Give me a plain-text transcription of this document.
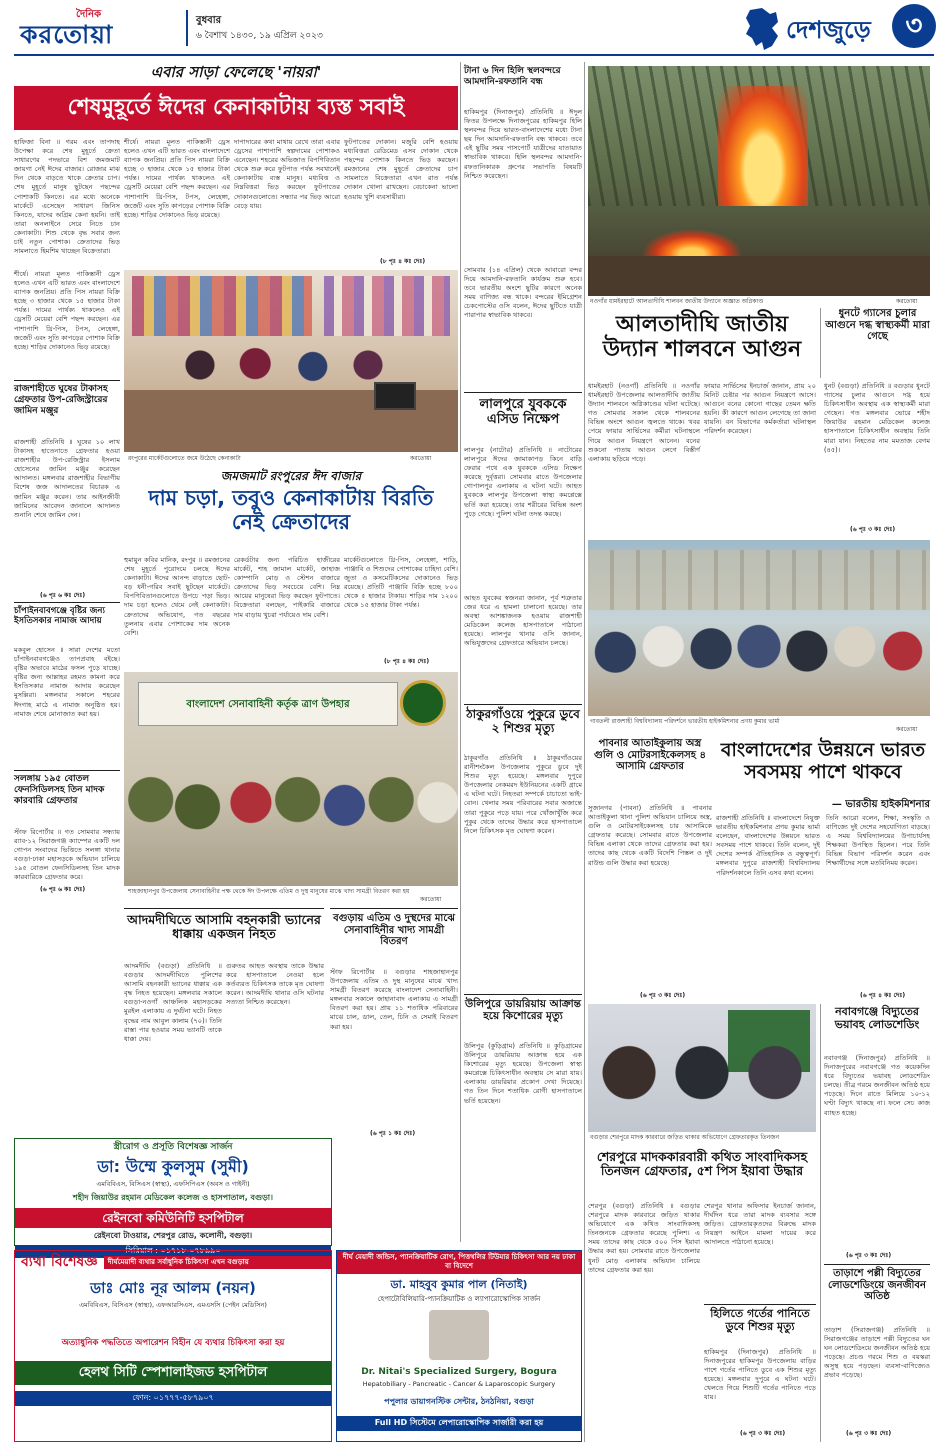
দৈনিক
করতোয়া	বুধবার
৬ বৈশাখ ১৪৩০, ১৯ এপ্রিল ২০২৩	দেশজুড়ে	৩
এবার সাড়া ফেলেছে 'নায়রা'
শেষমুহূর্তে ঈদের কেনাকাটায় ব্যস্ত সবাই
হাফিজা বিনা ॥ গরম এবং তাপদাহ উপেক্ষা করে শেষ মুহূর্তে ক্রেতা সাধারণের পদভারে বিশ জমজমাট জায়গা নেই ঈদের বাজার। রোজার মাঝ দিন থেকে বাড়তে থাকে ক্রেতার চাপ। শেষ মুহূর্তে মানুষ ছুটছেন পছন্দের পোশাকটি কিনতে। এর মধ্যে অনেকে মার্কেটে এসেছেন সাধারণ জিনিস কিনতে, যাদের অগ্রিম কেনা হয়নি। তাই তারা অনলাইনে সেরে নিতে চান কেনাকাটা। শিশু থেকে বৃদ্ধ সবার জন্য চাই নতুন পোশাক। ক্রেতাদের ভিড় সামলাতে হিমশিম খাচ্ছেন বিক্রেতারা।
শীর্ষে। নায়রা মূলত পাকিস্তানী ড্রেস হলেও এখন এটি ভারত এবং বাংলাদেশে ব্যাপক জনপ্রিয়। প্রতি পিস নায়রা বিক্রি হচ্ছে ৩ হাজার থেকে ১৫ হাজার টাকা পর্যন্ত। দামের পার্থক্য থাকলেও এই ড্রেসটি মেয়েরা বেশি পছন্দ করছেন। এর পাশাপাশি থ্রি-পিস, টপস, লেহেঙ্গা, জর্জেট এবং সুতি কাপড়ের পোশাক বিক্রি হচ্ছে। শাড়ির দোকানেও ভিড় রয়েছে।
দাপাদারের কথা মাথায় রেখে তারা এবার ড্রেসের পাশাপাশি স্বল্পদামের পোশাকও এনেছেন। শহরের অভিজাত বিপণিবিতান থেকে শুরু করে ফুটপাত পর্যন্ত সবখানেই কেনাকাটায় ব্যস্ত মানুষ। মধ্যবিত্ত ও নিম্নবিত্তরা ভিড় করছেন ফুটপাতের দোকানগুলোতে। সন্ধ্যার পর ভিড় আরো বেড়ে যায়।
ফুটপাতের দোকান। মজুরি বেশি হওয়ায় মধ্যবিত্তরা রেডিমেড এসব দোকান থেকে পছন্দের পোশাক কিনতে ভিড় করছেন। রমজানের শেষ মুহূর্তে ক্রেতাদের চাপ সামলাতে বিক্রেতারা এখন রাত পর্যন্ত দোকান খোলা রাখছেন। বেচাকেনা ভালো হওয়ায় খুশি ব্যবসায়ীরা।
(৮ পৃঃ ৪ কঃ দেঃ)
শীর্ষে। নায়রা মূলত পাকিস্তানী ড্রেস হলেও এখন এটি ভারত এবং বাংলাদেশে ব্যাপক জনপ্রিয়। প্রতি পিস নায়রা বিক্রি হচ্ছে ৩ হাজার থেকে ১৫ হাজার টাকা পর্যন্ত। দামের পার্থক্য থাকলেও এই ড্রেসটি মেয়েরা বেশি পছন্দ করছেন। এর পাশাপাশি থ্রি-পিস, টপস, লেহেঙ্গা, জর্জেট এবং সুতি কাপড়ের পোশাক বিক্রি হচ্ছে। শাড়ির দোকানেও ভিড় রয়েছে।
রংপুরের মার্কেটগুলোতে জমে উঠেছে কেনাকাটা	করতোয়া
রাজশাহীতে ঘুষের টাকাসহ গ্রেফতার উপ-রেজিস্ট্রারের জামিন মঞ্জুর
রাজশাহী প্রতিনিধি ॥ ঘুষের ১০ লাখ টাকাসহ হাতেনাতে গ্রেফতার হওয়া রাজশাহীর উপ-রেজিস্ট্রার ইসলাম হোসেনের জামিন মঞ্জুর করেছেন আদালত। মঙ্গলবার রাজশাহীর বিভাগীয় বিশেষ জজ আদালতের বিচারক এ জামিন মঞ্জুর করেন। তার আইনজীবী জামিনের আবেদন জানালে আদালত শুনানি শেষে জামিন দেন।
(৬ পৃঃ ৬ কঃ দেঃ)
চাঁপাইনবাবগঞ্জে বৃষ্টির জন্য ইসতিসকার নামাজ আদায়
মকবুল হোসেন ॥ সারা দেশের মতো চাঁপাইনবাবগঞ্জেও তাপপ্রবাহ বইছে। বৃষ্টির অভাবে মাঠের ফসল পুড়ে যাচ্ছে। বৃষ্টির জন্য আল্লাহর রহমত কামনা করে ইসতিসকার নামাজ আদায় করেছেন মুসল্লিরা। মঙ্গলবার সকালে শহরের ঈদগাহ মাঠে এ নামাজ অনুষ্ঠিত হয়। নামাজ শেষে মোনাজাত করা হয়।
সলঙ্গায় ১৯৫ বোতল ফেনসিডিলসহ তিন মাদক কারবারি গ্রেফতার
স্টাফ রিপোর্টার ॥ গত সোমবার সন্ধ্যায় র‌্যাব-১২ সিরাজগঞ্জ ক্যাম্পের একটি দল গোপন সংবাদের ভিত্তিতে সলঙ্গা থানার বগুড়া-ঢাকা মহাসড়কে অভিযান চালিয়ে ১৯৫ বোতল ফেনসিডিলসহ তিন মাদক কারবারিকে গ্রেফতার করে।
(৬ পৃঃ ৬ কঃ দেঃ)
জমজমাট রংপুরের ঈদ বাজার
দাম চড়া, তবুও কেনাকাটায় বিরতি নেই ক্রেতাদের
হুমায়ুন কবির মানিক, রংপুর ॥ রমজানের শেষ মুহূর্তে পুরোদমে চলছে ঈদের কেনাকাটা। ঈদের আনন্দ বাড়াতে ছোট-বড় ধনী-গরিব সবাই ছুটছেন মার্কেটে। বিপণিবিতানগুলোতে উপচে পড়া ভিড়। দাম চড়া হলেও থেমে নেই কেনাকাটা। ক্রেতাদের অভিযোগ, গত বছরের তুলনায় এবার পোশাকের দাম অনেক বেশি।
রেকর্ডটার জন্য পরিচিত হাজীরের মার্কেট, শাহ জামাল মার্কেট, জাহাজ কোম্পানি মোড় ও স্টেশন বাজারে ক্রেতাদের ভিড় সবচেয়ে বেশি। নিম্ন আয়ের মানুষেরা ভিড় করছেন ফুটপাতে। বিক্রেতারা বলছেন, পাইকারি বাজারে দাম বাড়ায় খুচরা পর্যায়েও দাম বেশি।
মার্কেটগুলোতে থ্রি-পিস, লেহেঙ্গা, শাড়ি, পাঞ্জাবি ও শিশুদের পোশাকের চাহিদা বেশি। জুতা ও কসমেটিকসের দোকানেও ভিড় রয়েছে। প্রতিটি পাঞ্জাবি বিক্রি হচ্ছে ৮০০ থেকে ৫ হাজার টাকায়। শাড়ির দাম ১২০০ থেকে ১৫ হাজার টাকা পর্যন্ত।
(৮ পৃঃ ৪ কঃ দেঃ)
বাংলাদেশ সেনাবাহিনী কর্তৃক ত্রাণ উপহার
শাহজাহানপুর উপজেলায় সেনাবাহিনীর পক্ষ থেকে ঈদ উপলক্ষে এতিম ও দুস্থ মানুষের মাঝে খাদ্য সামগ্রী বিতরণ করা হয়
করতোয়া
আদমদীঘিতে আসামি বহনকারী ভ্যানের ধাক্কায় একজন নিহত
আদমদীঘি (বগুড়া) প্রতিনিধি ॥ বগুড়ার আদমদীঘিতে পুলিশের আসামি বহনকারী ভ্যানের ধাক্কায় এক বৃদ্ধ নিহত হয়েছেন। মঙ্গলবার সকালে বগুড়া-নওগাঁ আঞ্চলিক মহাসড়কের মুরইল এলাকায় এ দুর্ঘটনা ঘটে। নিহত বৃদ্ধের নাম আবুল কালাম (৭০)। তিনি রাস্তা পার হওয়ার সময় ভ্যানটি তাকে ধাক্কা দেয়।
গুরুতর আহত অবস্থায় তাকে উদ্ধার করে হাসপাতালে নেওয়া হলে কর্তব্যরত চিকিৎসক তাকে মৃত ঘোষণা করেন। আদমদীঘি থানার ওসি ঘটনার সত্যতা নিশ্চিত করেছেন।
বগুড়ায় এতিম ও দুস্থদের মাঝে সেনাবাহিনীর খাদ্য সামগ্রী বিতরণ
স্টাফ রিপোর্টার ॥ বগুড়ার শাহজাহানপুর উপজেলায় এতিম ও দুস্থ মানুষের মাঝে খাদ্য সামগ্রী বিতরণ করেছে বাংলাদেশ সেনাবাহিনী। মঙ্গলবার সকালে জাহানাবাদ এলাকায় এ সামগ্রী বিতরণ করা হয়। প্রায় ১১ শতাধিক পরিবারের মাঝে চাল, ডাল, তেল, চিনি ও সেমাই বিতরণ করা হয়।
(৬ পৃঃ ১ কঃ দেঃ)
স্ত্রীরোগ ও প্রসূতি বিশেষজ্ঞ সার্জন
ডা: উম্মে কুলসুম (সুমী)
এমবিবিএস, বিসিএস (স্বাস্থ্য), এফসিপিএস (অবস ও গাইনী)
শহীদ জিয়াউর রহমান মেডিকেল কলেজ ও হাসপাতাল, বগুড়া।
রেইনবো কমিউনিটি হসপিটাল
রেইনবো টাওয়ার, শেরপুর রোড, কলোনী, বগুড়া।
সিরিয়াল : ০১৭১৮-০৭৮৯৯০
ব্যথা বিশেষজ্ঞ	দীর্ঘমেয়াদী ব্যথার সর্বাধুনিক চিকিৎসা এখন বগুড়ায়
ডাঃ মোঃ নূর আলম (নয়ন)
এমবিবিএস, বিসিএস (স্বাস্থ্য), এফআরসিএস, এমএসসি (পেইন মেডিসিন)
অত্যাধুনিক পদ্ধতিতে অপারেশন বিহীন যে ব্যথার চিকিৎসা করা হয়
হেলথ সিটি স্পেশালাইজড হসপিটাল
ফোন: ০১৭৭৭-৫৮৭৯০৭
দীর্ঘ মেয়াদী জন্ডিস, প্যানক্রিয়াটিক রোগ, পিত্তথলির টিউমার চিকিৎসা আর নয় ঢাকা বা বিদেশে
ডা. মাহবুব কুমার পাল (নিতাই)
হেপাটোবিলিয়ারি-প্যানক্রিয়াটিক ও ল্যাপারোস্কোপিক সার্জন
Dr. Nitai's Specialized Surgery, Bogura
Hepatobiliary - Pancreatic - Cancer & Laparoscopic Surgery
পপুলার ডায়াগনস্টিক সেন্টার, ঠনঠনিয়া, বগুড়া
Full HD সিস্টেমে লেপারোস্কোপিক সার্জারী করা হয়
টানা ৬ দিন হিলি স্থলবন্দরে আমদানি-রফতানি বন্ধ
হাকিমপুর (দিনাজপুর) প্রতিনিধি ॥ ঈদুল ফিতর উপলক্ষে দিনাজপুরের হাকিমপুর হিলি স্থলবন্দর দিয়ে ভারত-বাংলাদেশের মধ্যে টানা ছয় দিন আমদানি-রফতানি বন্ধ থাকবে। তবে এই ছুটির সময় পাসপোর্ট যাত্রীদের যাতায়াত স্বাভাবিক থাকবে। হিলি স্থলবন্দর আমদানি-রফতানিকারক গ্রুপের সভাপতি বিষয়টি নিশ্চিত করেছেন।
সোমবার (১৪ এপ্রিল) থেকে আবারো বন্দর দিয়ে আমদানি-রফতানি কার্যক্রম শুরু হবে। তবে ভারতীয় অংশে ছুটির কারণে অনেক সময় বাণিজ্য বন্ধ থাকে। বন্দরের ইমিগ্রেশন চেকপোস্টের ওসি বলেন, ঈদের ছুটিতে যাত্রী পারাপার স্বাভাবিক থাকবে।
লালপুরে যুবককে এসিড নিক্ষেপ
লালপুর (নাটোর) প্রতিনিধি ॥ নাটোরের লালপুরে ঈদের জামাকাপড় কিনে বাড়ি ফেরার পথে এক যুবককে এসিড নিক্ষেপ করেছে দুর্বৃত্তরা। সোমবার রাতে উপজেলার গোপালপুর এলাকায় এ ঘটনা ঘটে। আহত যুবককে লালপুর উপজেলা স্বাস্থ্য কমপ্লেক্সে ভর্তি করা হয়েছে। তার শরীরের বিভিন্ন অংশ পুড়ে গেছে। পুলিশ ঘটনা তদন্ত করছে।
আহত যুবকের স্বজনরা জানান, পূর্ব শত্রুতার জের ধরে এ হামলা চালানো হয়েছে। তার অবস্থা আশঙ্কাজনক হওয়ায় রাজশাহী মেডিকেল কলেজ হাসপাতালে পাঠানো হয়েছে। লালপুর থানার ওসি জানান, অভিযুক্তদের গ্রেফতারে অভিযান চলছে।
ঠাকুরগাঁওয়ে পুকুরে ডুবে ২ শিশুর মৃত্যু
ঠাকুরগাঁও প্রতিনিধি ॥ ঠাকুরগাঁওয়ের রানীশংকৈল উপজেলায় পুকুরে ডুবে দুই শিশুর মৃত্যু হয়েছে। মঙ্গলবার দুপুরে উপজেলার নেকমরদ ইউনিয়নের একটি গ্রামে এ ঘটনা ঘটে। নিহতরা সম্পর্কে চাচাতো ভাই-বোন। খেলার সময় পরিবারের সবার অজান্তে তারা পুকুরে পড়ে যায়। পরে খোঁজাখুঁজি করে পুকুর থেকে তাদের উদ্ধার করে হাসপাতালে নিলে চিকিৎসক মৃত ঘোষণা করেন।
উলিপুরে ডায়রিয়ায় আক্রান্ত হয়ে কিশোরের মৃত্যু
উলিপুর (কুড়িগ্রাম) প্রতিনিধি ॥ কুড়িগ্রামের উলিপুরে ডায়রিয়ায় আক্রান্ত হয়ে এক কিশোরের মৃত্যু হয়েছে। উপজেলা স্বাস্থ্য কমপ্লেক্সে চিকিৎসাধীন অবস্থায় সে মারা যায়। এলাকায় ডায়রিয়ার প্রকোপ দেখা দিয়েছে। গত তিন দিনে শতাধিক রোগী হাসপাতালে ভর্তি হয়েছেন।
নওগাঁর ধামইরহাটে আলতাদীঘি শালবন জাতীয় উদ্যানে অজ্ঞাত অগ্নিকাণ্ড	করতোয়া
আলতাদীঘি জাতীয় উদ্যান শালবনে আগুন
ধুনটে গ্যাসের চুলার আগুনে দগ্ধ স্বাস্থ্যকর্মী মারা গেছে
ধামইরহাট (নওগাঁ) প্রতিনিধি ॥ নওগাঁর ধামইরহাট উপজেলার আলতাদীঘি জাতীয় উদ্যান শালবনে অগ্নিকাণ্ডের ঘটনা ঘটেছে। গত সোমবার সকাল থেকে শালবনের বিভিন্ন অংশে আগুন জ্বলতে থাকে। খবর পেয়ে ফায়ার সার্ভিসের কর্মীরা ঘটনাস্থলে গিয়ে আগুন নিয়ন্ত্রণে আনেন। বনের শুকনো পাতায় আগুন লেগে বিস্তীর্ণ এলাকায় ছড়িয়ে পড়ে।
ফায়ার সার্ভিসের ইনচার্জ জানান, প্রায় ২০ মিনিট চেষ্টার পর আগুন নিয়ন্ত্রণে আসে। আগুনে বনের কোনো গাছের তেমন ক্ষতি হয়নি। কী কারণে আগুন লেগেছে তা জানা যায়নি। বন বিভাগের কর্মকর্তারা ঘটনাস্থল পরিদর্শন করেছেন।
ধুনট (বগুড়া) প্রতিনিধি ॥ বগুড়ার ধুনটে গ্যাসের চুলার আগুনে দগ্ধ হয়ে চিকিৎসাধীন অবস্থায় এক স্বাস্থ্যকর্মী মারা গেছেন। গত মঙ্গলবার ভোরে শহীদ জিয়াউর রহমান মেডিকেল কলেজ হাসপাতালে চিকিৎসাধীন অবস্থায় তিনি মারা যান। নিহতের নাম মমতাজ বেগম (৪৫)।
(৬ পৃঃ ৩ কঃ দেঃ)
গাবতলী রাজশাহী বিশ্ববিদ্যালয় পরিদর্শনে ভারতীয় হাইকমিশনার প্রণয় কুমার ভার্মা
করতোয়া
পাবনার আতাইকুলায় অস্ত্র গুলি ও মোটরসাইকেলসহ ৪ আসামি গ্রেফতার
সুজানগর (পাবনা) প্রতিনিধি ॥ পাবনার আতাইকুলা থানা পুলিশ অভিযান চালিয়ে অস্ত্র, গুলি ও মোটরসাইকেলসহ চার আসামিকে গ্রেফতার করেছে। সোমবার রাতে উপজেলার বিভিন্ন এলাকা থেকে তাদের গ্রেফতার করা হয়। তাদের কাছ থেকে একটি বিদেশি পিস্তল ও দুই রাউন্ড গুলি উদ্ধার করা হয়েছে।
(৬ পৃঃ ৩ কঃ দেঃ)
বাংলাদেশের উন্নয়নে ভারত সবসময় পাশে থাকবে
— ভারতীয় হাইকমিশনার
রাজশাহী প্রতিনিধি ॥ বাংলাদেশে নিযুক্ত ভারতীয় হাইকমিশনার প্রণয় কুমার ভার্মা বলেছেন, বাংলাদেশের উন্নয়নে ভারত সবসময় পাশে থাকবে। তিনি বলেন, দুই দেশের সম্পর্ক ঐতিহাসিক ও বন্ধুত্বপূর্ণ। মঙ্গলবার দুপুরে রাজশাহী বিশ্ববিদ্যালয় পরিদর্শনকালে তিনি এসব কথা বলেন।
তিনি আরো বলেন, শিক্ষা, সংস্কৃতি ও বাণিজ্যে দুই দেশের সহযোগিতা বাড়ছে। এ সময় বিশ্ববিদ্যালয়ের উপাচার্যসহ শিক্ষকরা উপস্থিত ছিলেন। পরে তিনি বিভিন্ন বিভাগ পরিদর্শন করেন এবং শিক্ষার্থীদের সঙ্গে মতবিনিময় করেন।
(৬ পৃঃ ৪ কঃ দেঃ)
বগুড়ার শেরপুরে মাদক কারবারে জড়িত থাকার অভিযোগে গ্রেফতারকৃত তিনজন
শেরপুরে মাদককারবারী কথিত সাংবাদিকসহ তিনজন গ্রেফতার, ৫শ পিস ইয়াবা উদ্ধার
শেরপুর (বগুড়া) প্রতিনিধি ॥ বগুড়ার শেরপুরে মাদক কারবারে জড়িত থাকার অভিযোগে এক কথিত সাংবাদিকসহ তিনজনকে গ্রেফতার করেছে পুলিশ। এ সময় তাদের কাছ থেকে ৫০০ পিস ইয়াবা উদ্ধার করা হয়। সোমবার রাতে উপজেলার ধুনট মোড় এলাকায় অভিযান চালিয়ে তাদের গ্রেফতার করা হয়।
শেরপুর থানার অফিসার ইনচার্জ জানান, দীর্ঘদিন ধরে তারা মাদক ব্যবসার সঙ্গে জড়িত। গ্রেফতারকৃতদের বিরুদ্ধে মাদক নিয়ন্ত্রণ আইনে মামলা দায়ের করে আদালতে পাঠানো হয়েছে।
হিলিতে গর্তের পানিতে ডুবে শিশুর মৃত্যু
হাকিমপুর (দিনাজপুর) প্রতিনিধি ॥ দিনাজপুরের হাকিমপুর উপজেলায় বাড়ির পাশে গর্তের পানিতে ডুবে এক শিশুর মৃত্যু হয়েছে। মঙ্গলবার দুপুরে এ ঘটনা ঘটে। খেলতে গিয়ে শিশুটি গর্তের পানিতে পড়ে যায়।
(৬ পৃঃ ৩ কঃ দেঃ)
নবাবগঞ্জে বিদ্যুতের ভয়াবহ লোডশেডিং
নবাবগঞ্জ (দিনাজপুর) প্রতিনিধি ॥ দিনাজপুরের নবাবগঞ্জে গত কয়েকদিন ধরে বিদ্যুতের ভয়াবহ লোডশেডিং চলছে। তীব্র গরমে জনজীবন অতিষ্ঠ হয়ে পড়েছে। দিনে রাতে মিলিয়ে ১০-১২ ঘণ্টা বিদ্যুৎ থাকছে না। ফলে সেচ কাজ ব্যাহত হচ্ছে।
(৬ পৃঃ ৩ কঃ দেঃ)
তাড়াশে পল্লী বিদ্যুতের লোডশেডিংয়ে জনজীবন অতিষ্ঠ
তাড়াশ (সিরাজগঞ্জ) প্রতিনিধি ॥ সিরাজগঞ্জের তাড়াশে পল্লী বিদ্যুতের ঘন ঘন লোডশেডিংয়ে জনজীবন অতিষ্ঠ হয়ে পড়েছে। প্রচণ্ড গরমে শিশু ও বয়স্করা অসুস্থ হয়ে পড়ছেন। ব্যবসা-বাণিজ্যেও প্রভাব পড়েছে।
(৬ পৃঃ ৩ কঃ দেঃ)
